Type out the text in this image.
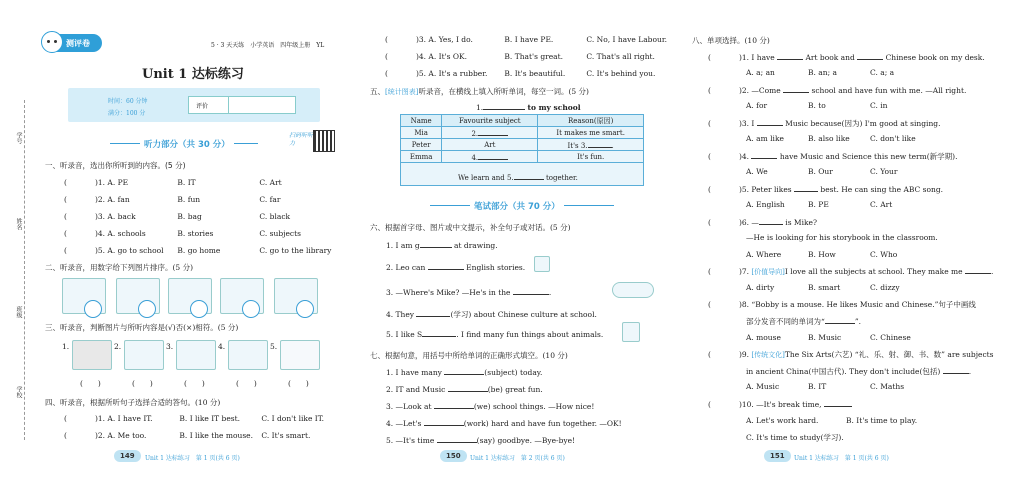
学号
姓名
班级
学校
测评卷	5 · 3 天天练　小学英语　四年级上册　YL
Unit 1 达标练习
时间：60 分钟
满分：100 分
评价
听力部分（共 30 分）
扫码听听力
一、听录音，选出你所听到的内容。(5 分)
(	)1. A. PE	B. IT	C. Art
(	)2. A. fan	B. fun	C. far
(	)3. A. back	B. bag	C. black
(	)4. A. schools	B. stories	C. subjects
(	)5. A. go to school B. go home	C. go to the library
二、听录音，用数字给下列图片排序。(5 分)
三、听录音，判断图片与所听内容是(√)否(×)相符。(5 分)
1.	2.	3.	4.	5.
(　　)	(　　)	(　　)	(　　)	(　　)
四、听录音，根据所听句子选择合适的答句。(10 分)
(	)1. A. I have IT.	B. I like IT best.	C. I don't like IT.
(	)2. A. Me too.	B. I like the mouse. C. It's smart.
149	Unit 1 达标练习　第 1 页(共 6 页)
(	)3. A. Yes, I do.	B. I have PE.	C. No, I have Labour.
(	)4. A. It's OK.	B. That's great.	C. That's all right.
(	)5. A. It's a rubber. B. It's beautiful.	C. It's behind you.
五、[统计图表]听录音，在横线上填入所听单词，每空一词。(5 分)
1.	to my school
Name	Favourite subject	Reason(原因)
Mia	2.	It makes me smart.
Peter	Art	It's 3. .
Emma	4.	It's fun.
We learn and 5.	together.
笔试部分（共 70 分）
六、根据首字母、图片或中文提示，补全句子或对话。(5 分)
1. I am g	at drawing.
2. Leo can	English stories.
3. —Where's Mike? —He's in the	.
4. They	(学习) about Chinese culture at school.
5. I like S	. I find many fun things about animals.
七、根据句意，用括号中所给单词的正确形式填空。(10 分)
1. I have many	(subject) today.
2. IT and Music	(be) great fun.
3. —Look at	(we) school things. —How nice!
4. —Let's	(work) hard and have fun together. —OK!
5. —It's time	(say) goodbye. —Bye-bye!
150	Unit 1 达标练习　第 2 页(共 6 页)
八、单项选择。(10 分)
(	)1. I have	Art book and	Chinese book on my desk.
A. a; an	B. an; a	C. a; a
(	)2. —Come	school and have fun with me. —All right.
A. for	B. to	C. in
(	)3. I	Music because(因为) I'm good at singing.
A. am like	B. also like	C. don't like
(	)4.	have Music and Science this new term(新学期).
A. We	B. Our	C. Your
(	)5. Peter likes	best. He can sing the ABC song.
A. English	B. PE	C. Art
(	)6. —	is Mike?
—He is looking for his storybook in the classroom.
A. Where	B. How	C. Who
(	)7. [价值导向]I love all the subjects at school. They make me	.
A. dirty	B. smart	C. dizzy
(	)8. “Bobby is a mouse. He likes Music and Chinese.”句子中画线
部分发音不同的单词为“	”.
A. mouse	B. Music	C. Chinese
(	)9. [传统文化]The Six Arts(六艺) “礼、乐、射、御、书、数” are subjects
in ancient China(中国古代). They don't include(包括)	.
A. Music	B. IT	C. Maths
(	)10. —It's break time,
A. Let's work hard.	B. It's time to play.
C. It's time to study(学习).
151	Unit 1 达标练习　第 1 页(共 6 页)
